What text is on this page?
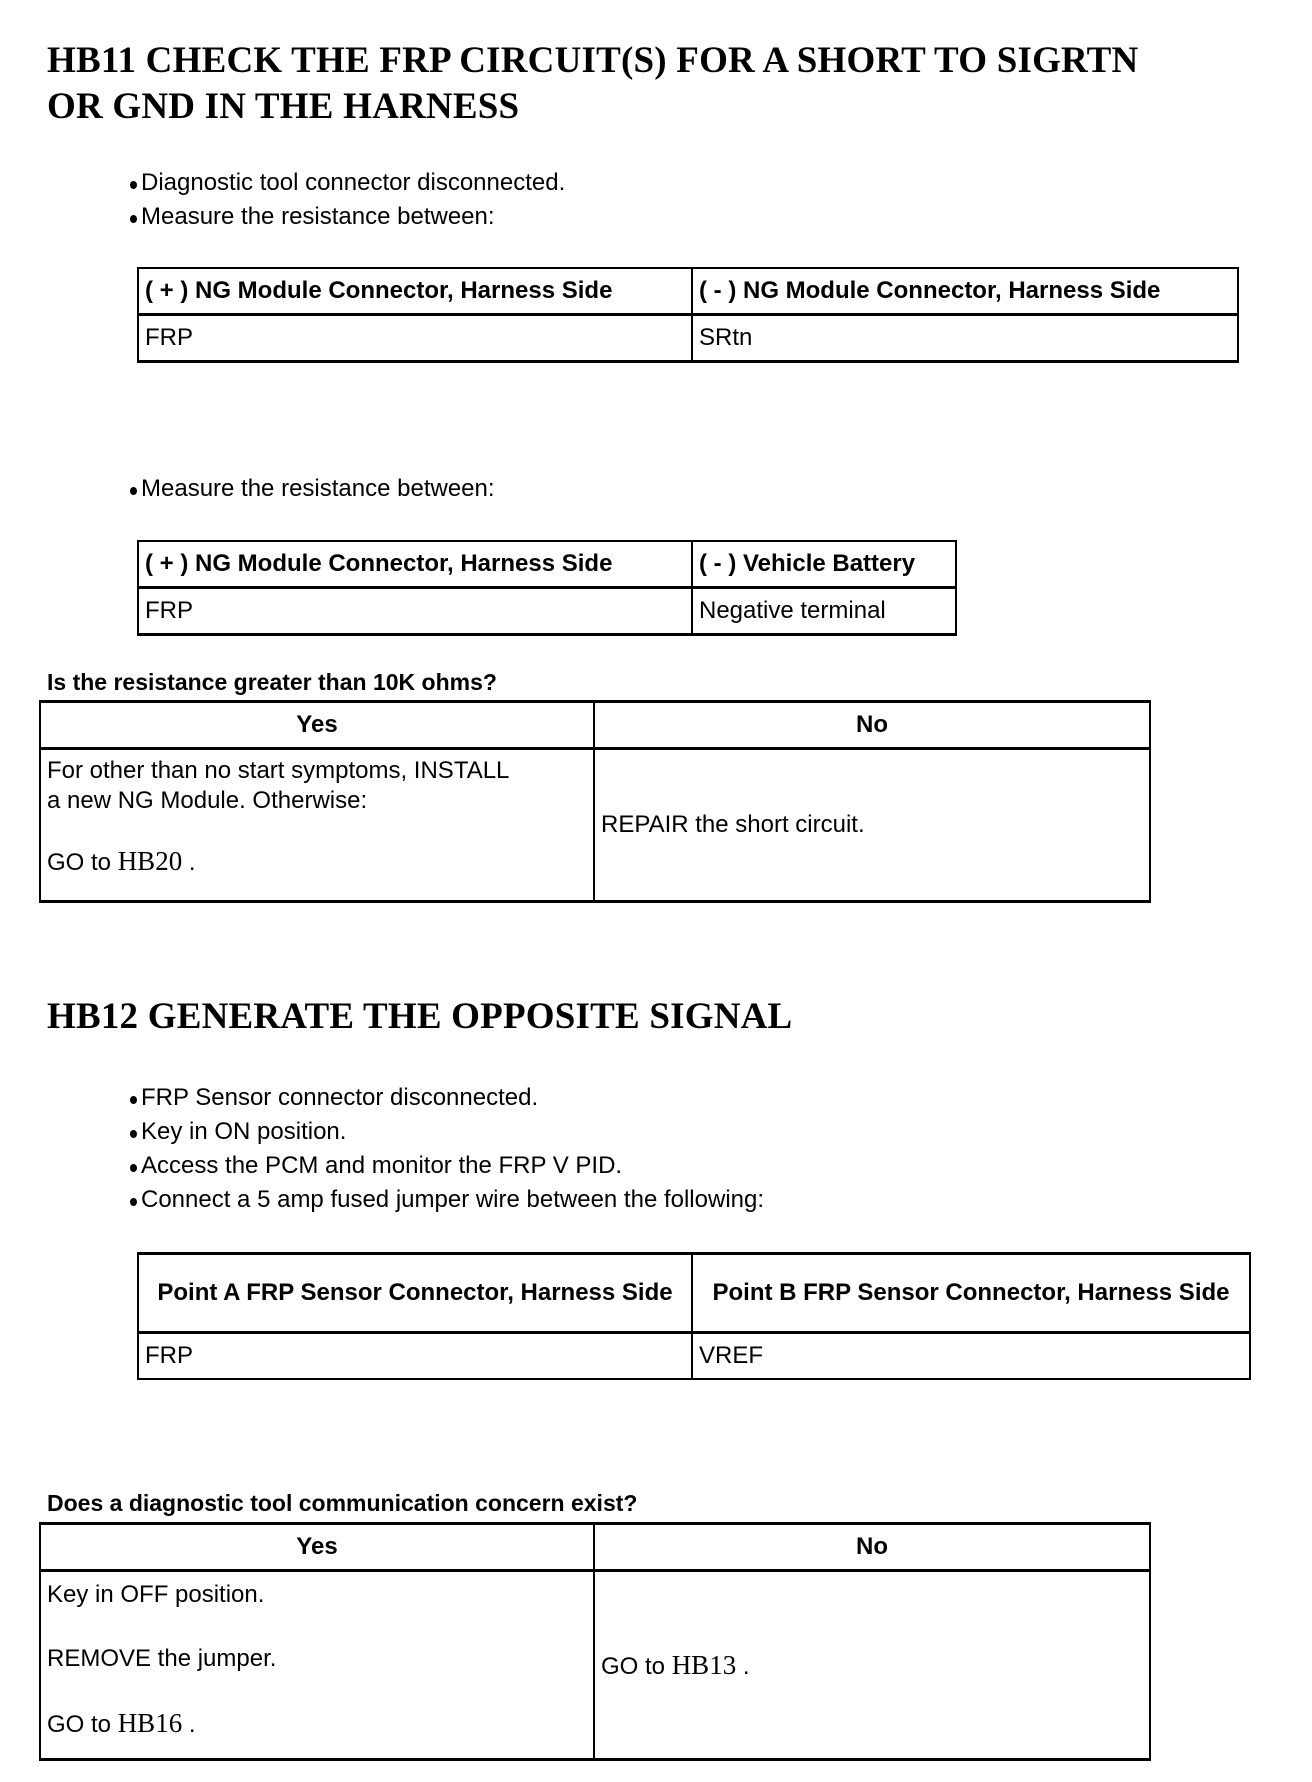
HB11 CHECK THE FRP CIRCUIT(S) FOR A SHORT TO SIGRTN
OR GND IN THE HARNESS
Diagnostic tool connector disconnected.
Measure the resistance between:
( + ) NG Module Connector, Harness Side	( - ) NG Module Connector, Harness Side
FRP	SRtn
Measure the resistance between:
( + ) NG Module Connector, Harness Side	( - ) Vehicle Battery
FRP	Negative terminal

Is the resistance greater than 10K ohms?

Yes	No

For other than no start symptoms, INSTALL
a new NG Module. Otherwise:
GO to HB20 .	REPAIR the short circuit.
HB12 GENERATE THE OPPOSITE SIGNAL
FRP Sensor connector disconnected.
Key in ON position.
Access the PCM and monitor the FRP V PID.
Connect a 5 amp fused jumper wire between the following:
Point A FRP Sensor Connector, Harness Side	Point B FRP Sensor Connector, Harness Side
FRP	VREF

Does a diagnostic tool communication concern exist?

Yes	No

Key in OFF position.
REMOVE the jumper.
GO to HB16 .	GO to HB13 .
